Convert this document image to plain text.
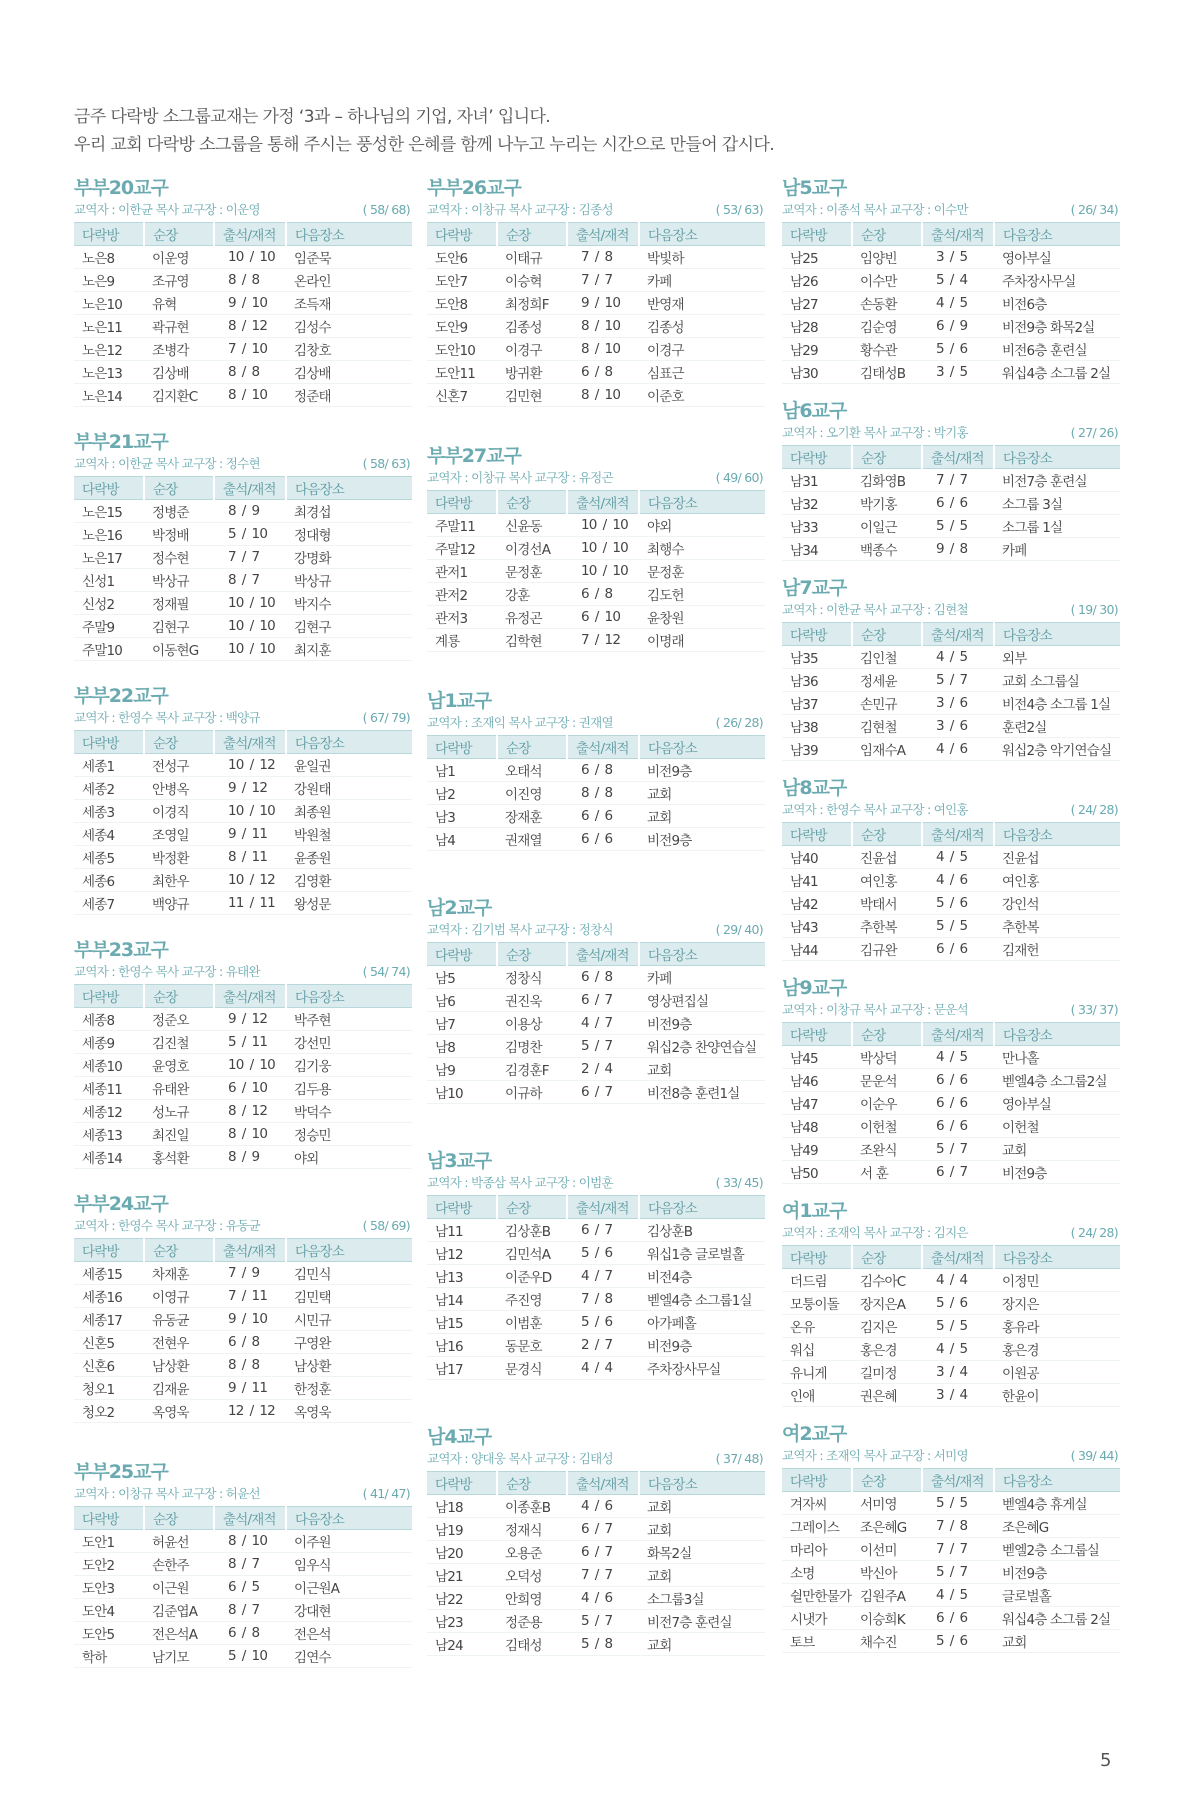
금주 다락방 소그룹교재는 가정 ‘3과 – 하나님의 기업, 자녀’ 입니다.
우리 교회 다락방 소그룹을 통해 주시는 풍성한 은혜를 함께 나누고 누리는 시간으로 만들어 갑시다.
부부20교구
교역자 : 이한균 목사 교구장 : 이운영	( 58/ 68)
다락방	순장	출석/재적	다음장소
노은8	이운영	10 / 10	임준묵
노은9	조규영	8 / 8	온라인
노은10	유혁	9 / 10	조득재
노은11	곽규현	8 / 12	김성수
노은12	조병각	7 / 10	김창호
노은13	김상배	8 / 8	김상배
노은14	김지환C	8 / 10	정준태
부부21교구
교역자 : 이한균 목사 교구장 : 정수현	( 58/ 63)
다락방	순장	출석/재적	다음장소
노은15	정병준	8 / 9	최경섭
노은16	박정배	5 / 10	정대형
노은17	정수현	7 / 7	강명화
신성1	박상규	8 / 7	박상규
신성2	정재필	10 / 10	박지수
주말9	김현구	10 / 10	김현구
주말10	이동현G	10 / 10	최지훈
부부22교구
교역자 : 한영수 목사 교구장 : 백양규	( 67/ 79)
다락방	순장	출석/재적	다음장소
세종1	전성구	10 / 12	윤일권
세종2	안병옥	9 / 12	강원태
세종3	이경직	10 / 10	최종원
세종4	조영일	9 / 11	박원철
세종5	박정환	8 / 11	윤종원
세종6	최한우	10 / 12	김영환
세종7	백양규	11 / 11	왕성문
부부23교구
교역자 : 한영수 목사 교구장 : 유태완	( 54/ 74)
다락방	순장	출석/재적	다음장소
세종8	정준오	9 / 12	박주현
세종9	김진철	5 / 11	강선민
세종10	윤영호	10 / 10	김기웅
세종11	유태완	6 / 10	김두용
세종12	성노규	8 / 12	박덕수
세종13	최진일	8 / 10	정승민
세종14	홍석환	8 / 9	야외
부부24교구
교역자 : 한영수 목사 교구장 : 유동균	( 58/ 69)
다락방	순장	출석/재적	다음장소
세종15	차재훈	7 / 9	김민식
세종16	이영규	7 / 11	김민택
세종17	유동균	9 / 10	시민규
신혼5	전현우	6 / 8	구영완
신혼6	남상환	8 / 8	남상환
청오1	김재윤	9 / 11	한정훈
청오2	옥영욱	12 / 12	옥영욱
부부25교구
교역자 : 이창규 목사 교구장 : 허윤선	( 41/ 47)
다락방	순장	출석/재적	다음장소
도안1	허윤선	8 / 10	이주원
도안2	손한주	8 / 7	임우식
도안3	이근원	6 / 5	이근원A
도안4	김준엽A	8 / 7	강대현
도안5	전은석A	6 / 8	전은석
학하	남기모	5 / 10	김연수
부부26교구
교역자 : 이창규 목사 교구장 : 김종성	( 53/ 63)
다락방	순장	출석/재적	다음장소
도안6	이태규	7 / 8	박빛하
도안7	이승혁	7 / 7	카페
도안8	최정희F	9 / 10	반영재
도안9	김종성	8 / 10	김종성
도안10	이경구	8 / 10	이경구
도안11	방귀환	6 / 8	심표근
신혼7	김민현	8 / 10	이준호
부부27교구
교역자 : 이창규 목사 교구장 : 유정곤	( 49/ 60)
다락방	순장	출석/재적	다음장소
주말11	신윤동	10 / 10	야외
주말12	이경선A	10 / 10	최행수
관저1	문정훈	10 / 10	문정훈
관저2	강훈	6 / 8	김도헌
관저3	유정곤	6 / 10	윤창원
계룡	김학현	7 / 12	이명래
남1교구
교역자 : 조재익 목사 교구장 : 권재열	( 26/ 28)
다락방	순장	출석/재적	다음장소
남1	오태석	6 / 8	비전9층
남2	이진영	8 / 8	교회
남3	장재훈	6 / 6	교회
남4	권재열	6 / 6	비전9층
남2교구
교역자 : 김기범 목사 교구장 : 정창식	( 29/ 40)
다락방	순장	출석/재적	다음장소
남5	정창식	6 / 8	카페
남6	권진욱	6 / 7	영상편집실
남7	이용상	4 / 7	비전9층
남8	김명찬	5 / 7	워십2층 찬양연습실
남9	김경훈F	2 / 4	교회
남10	이규하	6 / 7	비전8층 훈련1실
남3교구
교역자 : 박종삼 목사 교구장 : 이범훈	( 33/ 45)
다락방	순장	출석/재적	다음장소
남11	김상훈B	6 / 7	김상훈B
남12	김민석A	5 / 6	워십1층 글로벌홀
남13	이준우D	4 / 7	비전4층
남14	주진영	7 / 8	벧엘4층 소그룹1실
남15	이범훈	5 / 6	아가페홀
남16	동문호	2 / 7	비전9층
남17	문경식	4 / 4	주차장사무실
남4교구
교역자 : 양대웅 목사 교구장 : 김태성	( 37/ 48)
다락방	순장	출석/재적	다음장소
남18	이종훈B	4 / 6	교회
남19	정재식	6 / 7	교회
남20	오용준	6 / 7	화목2실
남21	오덕성	7 / 7	교회
남22	안희영	4 / 6	소그룹3실
남23	정준용	5 / 7	비전7층 훈련실
남24	김태성	5 / 8	교회
남5교구
교역자 : 이종석 목사 교구장 : 이수만	( 26/ 34)
다락방	순장	출석/재적	다음장소
남25	임양빈	3 / 5	영아부실
남26	이수만	5 / 4	주차장사무실
남27	손동환	4 / 5	비전6층
남28	김순영	6 / 9	비전9층 화목2실
남29	황수관	5 / 6	비전6층 훈련실
남30	김태성B	3 / 5	워십4층 소그룹 2실
남6교구
교역자 : 오기환 목사 교구장 : 박기홍	( 27/ 26)
다락방	순장	출석/재적	다음장소
남31	김화영B	7 / 7	비전7층 훈련실
남32	박기홍	6 / 6	소그룹 3실
남33	이일근	5 / 5	소그룹 1실
남34	백종수	9 / 8	카페
남7교구
교역자 : 이한균 목사 교구장 : 김현철	( 19/ 30)
다락방	순장	출석/재적	다음장소
남35	김인철	4 / 5	외부
남36	정세윤	5 / 7	교회 소그룹실
남37	손민규	3 / 6	비전4층 소그룹 1실
남38	김현철	3 / 6	훈련2실
남39	임재수A	4 / 6	워십2층 악기연습실
남8교구
교역자 : 한영수 목사 교구장 : 여인홍	( 24/ 28)
다락방	순장	출석/재적	다음장소
남40	진윤섭	4 / 5	진윤섭
남41	여인홍	4 / 6	여인홍
남42	박태서	5 / 6	강인석
남43	추한복	5 / 5	추한복
남44	김규완	6 / 6	김재헌
남9교구
교역자 : 이창규 목사 교구장 : 문운석	( 33/ 37)
다락방	순장	출석/재적	다음장소
남45	박상덕	4 / 5	만나홀
남46	문운석	6 / 6	벧엘4층 소그룹2실
남47	이순우	6 / 6	영아부실
남48	이헌철	6 / 6	이헌철
남49	조완식	5 / 7	교회
남50	서 훈	6 / 7	비전9층
여1교구
교역자 : 조재익 목사 교구장 : 김지은	( 24/ 28)
다락방	순장	출석/재적	다음장소
더드림	김수아C	4 / 4	이정민
모퉁이돌	장지은A	5 / 6	장지은
온유	김지은	5 / 5	홍유라
워십	홍은경	4 / 5	홍은경
유니게	길미정	3 / 4	이원공
인애	권은혜	3 / 4	한윤이
여2교구
교역자 : 조재익 목사 교구장 : 서미영	( 39/ 44)
다락방	순장	출석/재적	다음장소
겨자씨	서미영	5 / 5	벧엘4층 휴게실
그레이스	조은혜G	7 / 8	조은혜G
마리아	이선미	7 / 7	벧엘2층 소그룹실
소명	박신아	5 / 7	비전9층
쉴만한물가	김원주A	4 / 5	글로벌홀
시냇가	이승희K	6 / 6	워십4층 소그룹 2실
토브	채수진	5 / 6	교회
5
